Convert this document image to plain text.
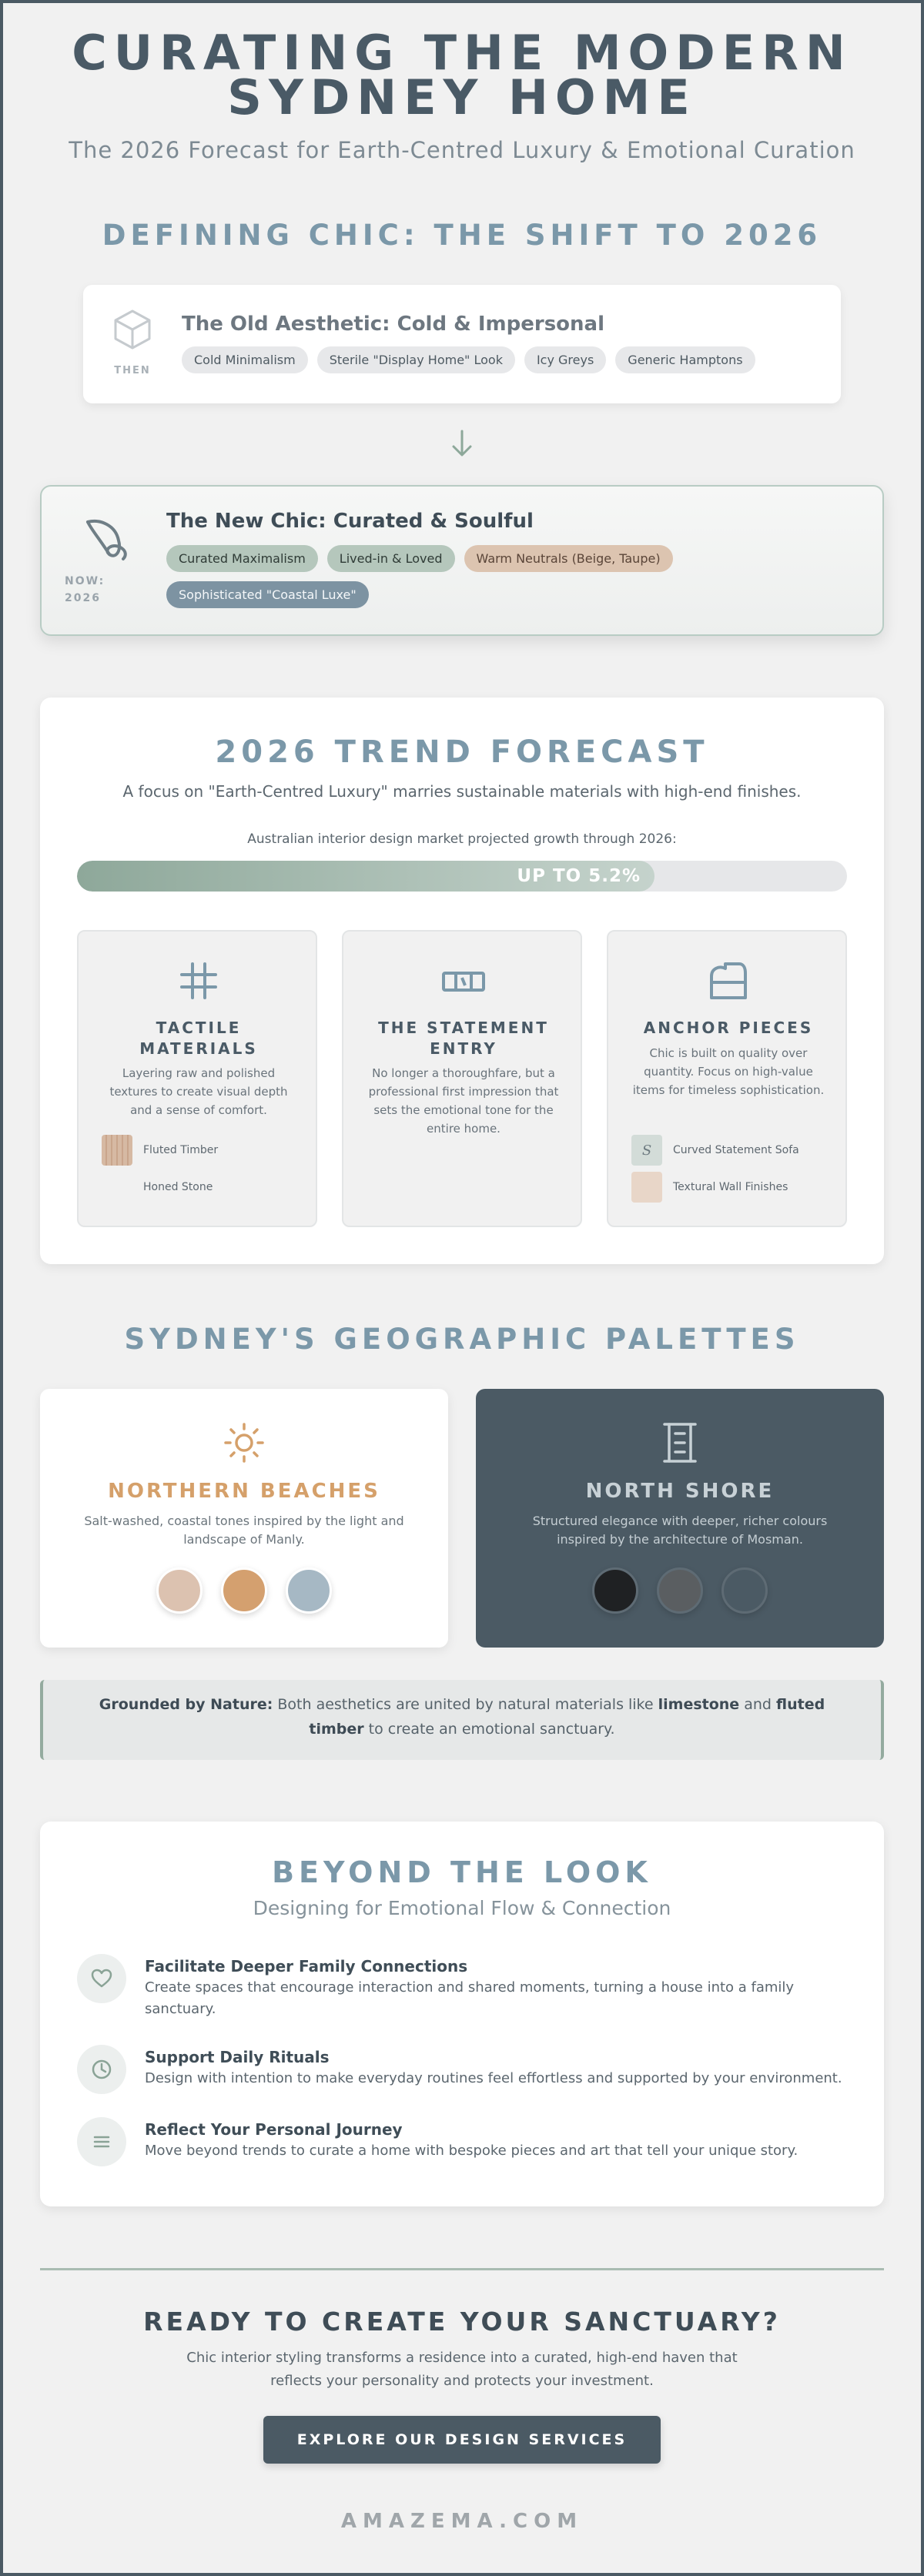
CURATING THE MODERN
SYDNEY HOME
The 2026 Forecast for Earth-Centred Luxury & Emotional Curation
DEFINING CHIC: THE SHIFT TO 2026
THEN
The Old Aesthetic: Cold & Impersonal
Cold Minimalism	Sterile "Display Home" Look	Icy Greys	Generic Hamptons
NOW:
2026
The New Chic: Curated & Soulful
Curated Maximalism	Lived-in & Loved	Warm Neutrals (Beige, Taupe)
Sophisticated "Coastal Luxe"
2026 TREND FORECAST
A focus on "Earth-Centred Luxury" marries sustainable materials with high-end finishes.
Australian interior design market projected growth through 2026:
UP TO 5.2%
TACTILE
MATERIALS

Layering raw and polished textures to create visual depth and a sense of comfort.

Fluted Timber
Honed Stone
THE STATEMENT
ENTRY

No longer a thoroughfare, but a professional first impression that sets the emotional tone for the entire home.

ANCHOR PIECES

Chic is built on quality over quantity. Focus on high-value items for timeless sophistication.

S Curved Statement Sofa
Textural Wall Finishes
SYDNEY'S GEOGRAPHIC PALETTES
NORTHERN BEACHES

Salt-washed, coastal tones inspired by the light and landscape of Manly.

NORTH SHORE

Structured elegance with deeper, richer colours inspired by the architecture of Mosman.

Grounded by Nature: Both aesthetics are united by natural materials like limestone and fluted timber to create an emotional sanctuary.
BEYOND THE LOOK
Designing for Emotional Flow & Connection
Facilitate Deeper Family Connections

Create spaces that encourage interaction and shared moments, turning a house into a family sanctuary.

Support Daily Rituals

Design with intention to make everyday routines feel effortless and supported by your environment.

Reflect Your Personal Journey

Move beyond trends to curate a home with bespoke pieces and art that tell your unique story.

READY TO CREATE YOUR SANCTUARY?
Chic interior styling transforms a residence into a curated, high-end haven that reflects your personality and protects your investment.
EXPLORE OUR DESIGN SERVICES
AMAZEMA.COM
